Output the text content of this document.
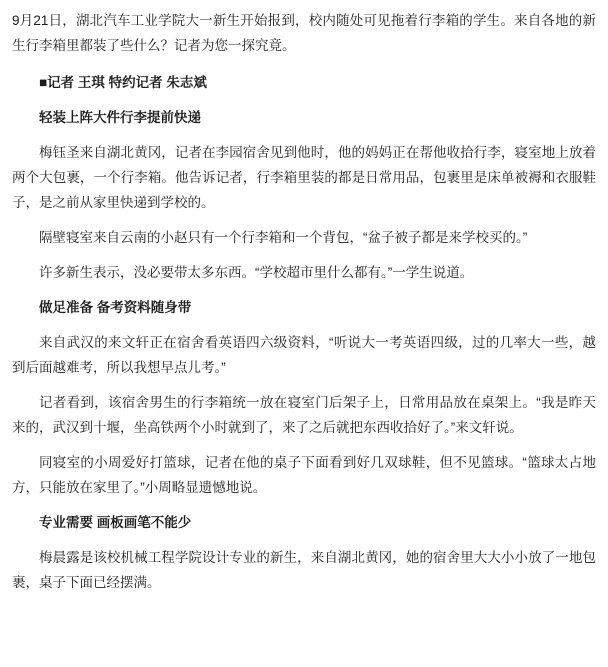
9月21日，湖北汽车工业学院大一新生开始报到，校内随处可见拖着行李箱的学生。来自各地的新生行李箱里都装了些什么？记者为您一探究竟。

■记者 王琪 特约记者 朱志斌

轻装上阵大件行李提前快递

梅钰圣来自湖北黄冈，记者在李园宿舍见到他时，他的妈妈正在帮他收拾行李，寝室地上放着两个大包裹，一个行李箱。他告诉记者，行李箱里装的都是日常用品，包裹里是床单被褥和衣服鞋子，是之前从家里快递到学校的。

隔壁寝室来自云南的小赵只有一个行李箱和一个背包，“盆子被子都是来学校买的。”

许多新生表示，没必要带太多东西。“学校超市里什么都有。”一学生说道。

做足准备 备考资料随身带

来自武汉的来文轩正在宿舍看英语四六级资料，“听说大一考英语四级，过的几率大一些，越到后面越难考，所以我想早点儿考。”

记者看到，该宿舍男生的行李箱统一放在寝室门后架子上，日常用品放在桌架上。“我是昨天来的，武汉到十堰，坐高铁两个小时就到了，来了之后就把东西收拾好了。”来文轩说。

同寝室的小周爱好打篮球，记者在他的桌子下面看到好几双球鞋，但不见篮球。“篮球太占地方，只能放在家里了。”小周略显遗憾地说。

专业需要 画板画笔不能少

梅晨露是该校机械工程学院设计专业的新生，来自湖北黄冈，她的宿舍里大大小小放了一地包裹，桌子下面已经摆满。
